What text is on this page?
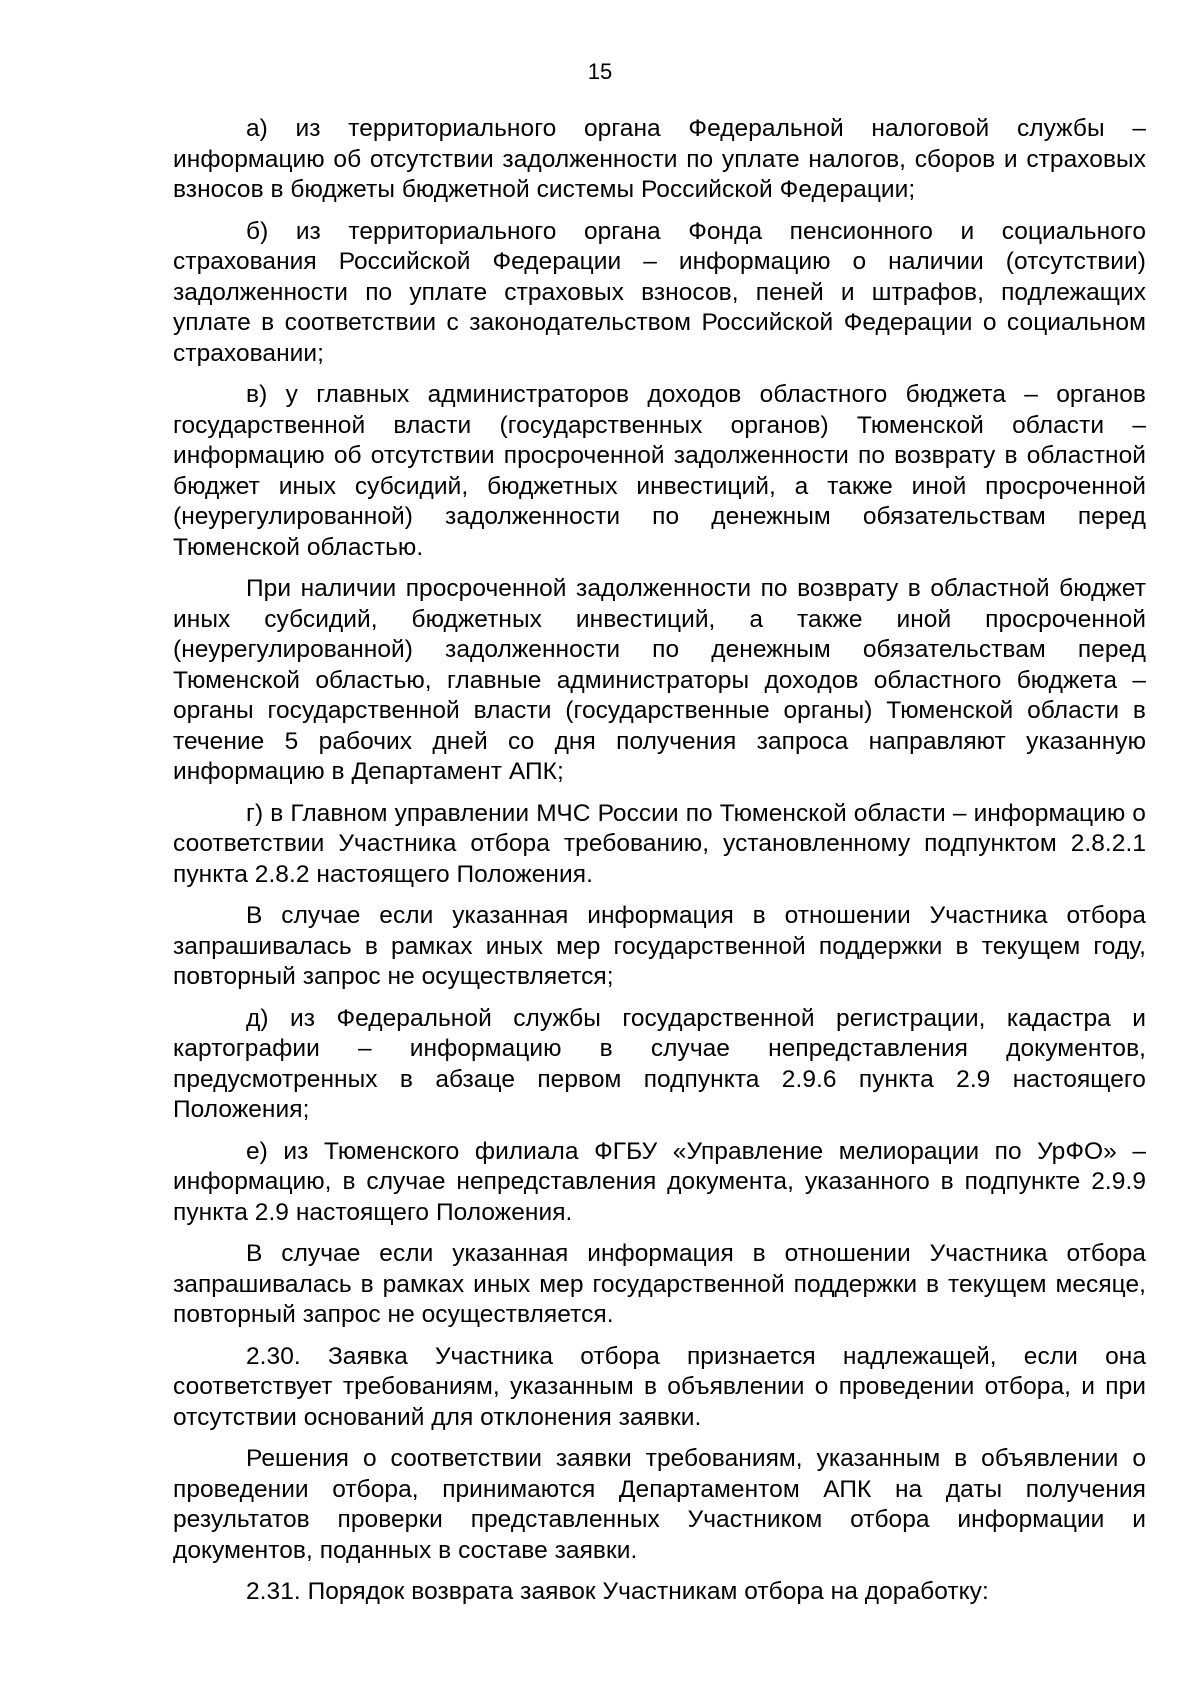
15

а) из территориального органа Федеральной налоговой службы – информацию об отсутствии задолженности по уплате налогов, сборов и страховых взносов в бюджеты бюджетной системы Российской Федерации;

б) из территориального органа Фонда пенсионного и социального страхования Российской Федерации – информацию о наличии (отсутствии) задолженности по уплате страховых взносов, пеней и штрафов, подлежащих уплате в соответствии с законодательством Российской Федерации о социальном страховании;

в) у главных администраторов доходов областного бюджета – органов государственной власти (государственных органов) Тюменской области – информацию об отсутствии просроченной задолженности по возврату в областной бюджет иных субсидий, бюджетных инвестиций, а также иной просроченной (неурегулированной) задолженности по денежным обязательствам перед Тюменской областью.

При наличии просроченной задолженности по возврату в областной бюджет иных субсидий, бюджетных инвестиций, а также иной просроченной (неурегулированной) задолженности по денежным обязательствам перед Тюменской областью, главные администраторы доходов областного бюджета – органы государственной власти (государственные органы) Тюменской области в течение 5 рабочих дней со дня получения запроса направляют указанную информацию в Департамент АПК;

г) в Главном управлении МЧС России по Тюменской области – информацию о соответствии Участника отбора требованию, установленному подпунктом 2.8.2.1 пункта 2.8.2 настоящего Положения.

В случае если указанная информация в отношении Участника отбора запрашивалась в рамках иных мер государственной поддержки в текущем году, повторный запрос не осуществляется;

д) из Федеральной службы государственной регистрации, кадастра и картографии – информацию в случае непредставления документов, предусмотренных в абзаце первом подпункта 2.9.6 пункта 2.9 настоящего Положения;

е) из Тюменского филиала ФГБУ «Управление мелиорации по УрФО» – информацию, в случае непредставления документа, указанного в подпункте 2.9.9 пункта 2.9 настоящего Положения.

В случае если указанная информация в отношении Участника отбора запрашивалась в рамках иных мер государственной поддержки в текущем месяце, повторный запрос не осуществляется.

2.30. Заявка Участника отбора признается надлежащей, если она соответствует требованиям, указанным в объявлении о проведении отбора, и при отсутствии оснований для отклонения заявки.

Решения о соответствии заявки требованиям, указанным в объявлении о проведении отбора, принимаются Департаментом АПК на даты получения результатов проверки представленных Участником отбора информации и документов, поданных в составе заявки.

2.31. Порядок возврата заявок Участникам отбора на доработку:
